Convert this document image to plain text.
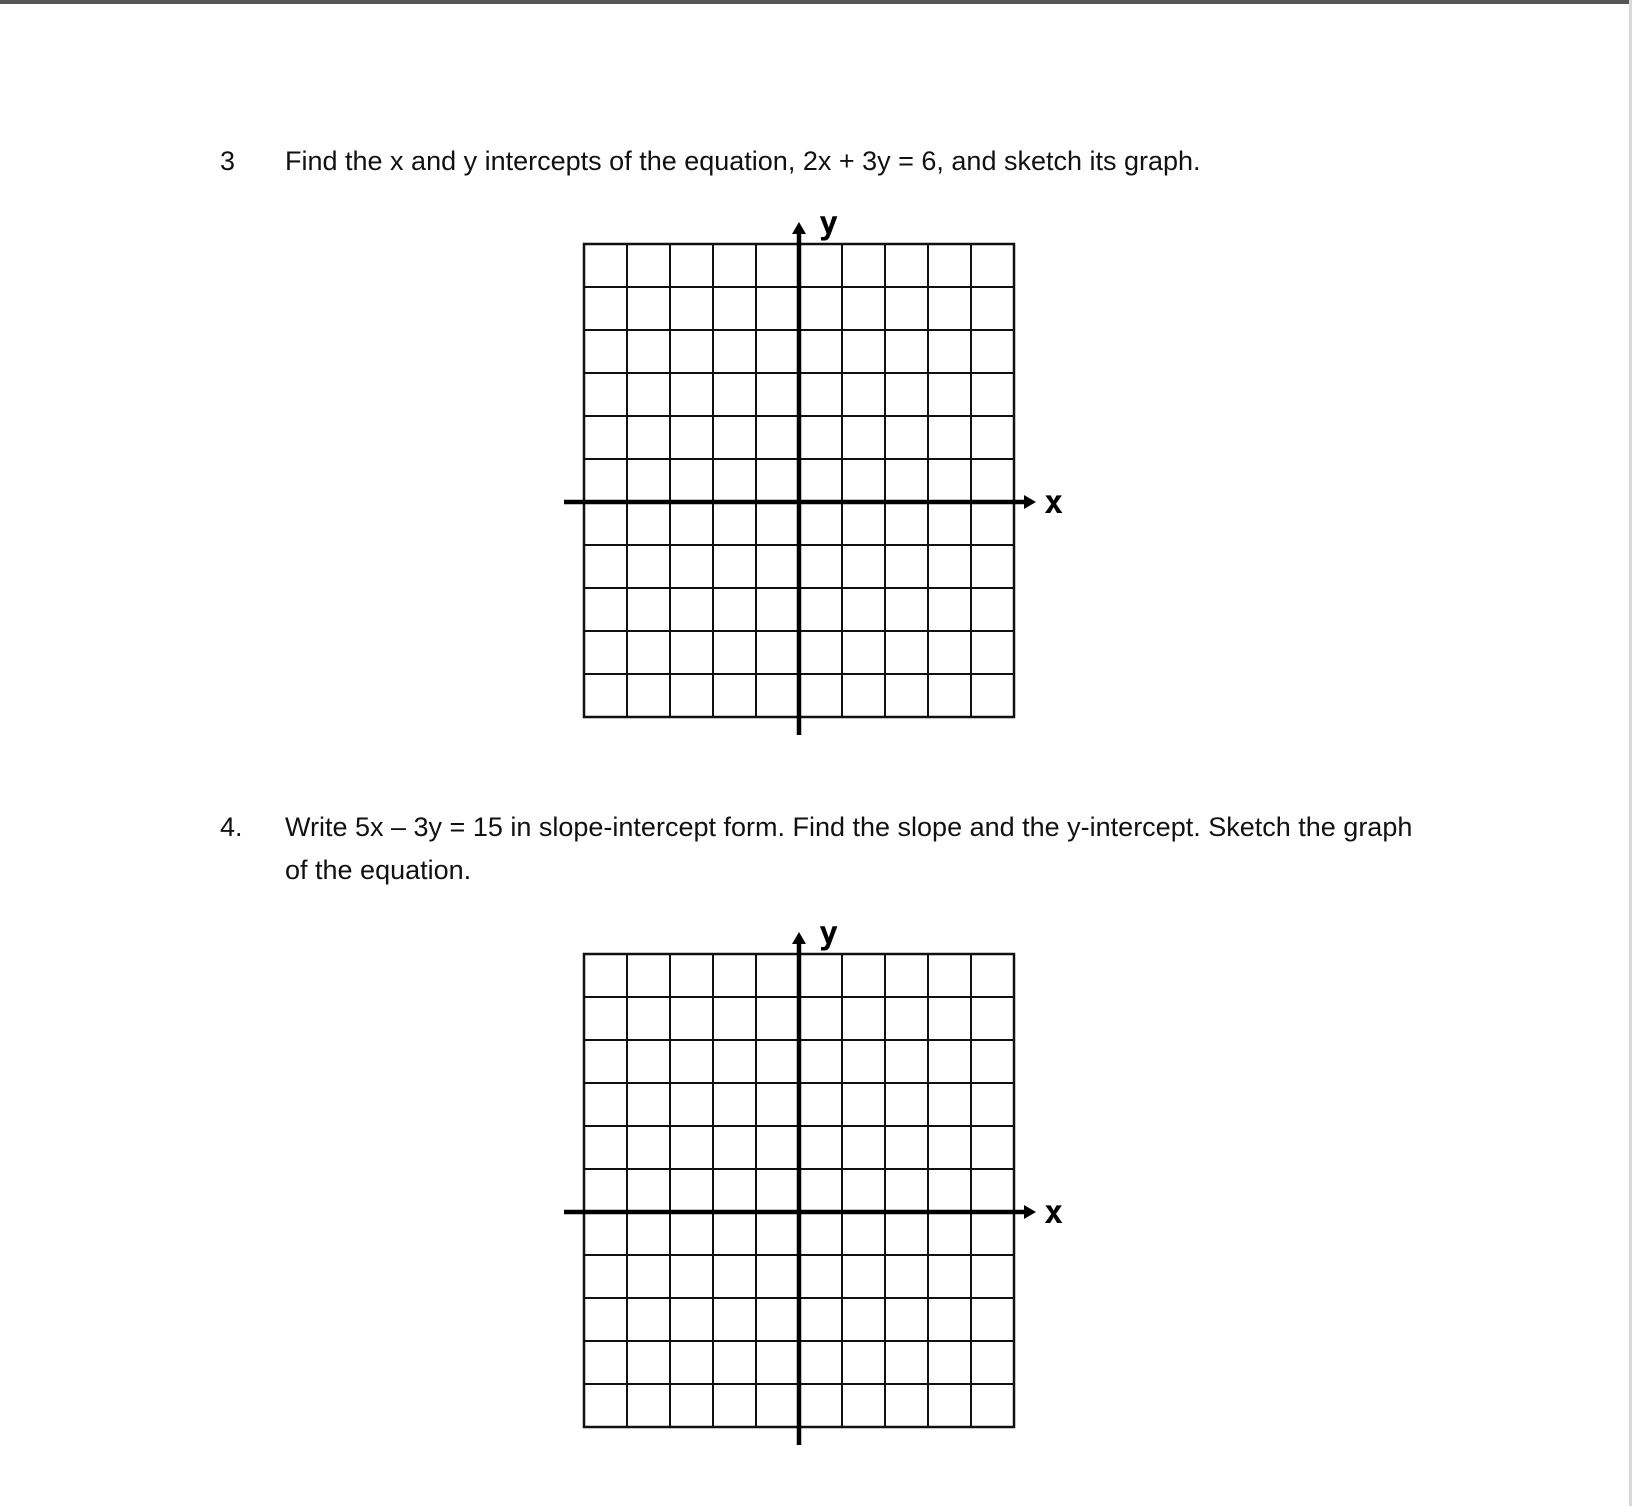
3 Find the x and y intercepts of the equation, 2x + 3y = 6, and sketch its graph.
x
y
4. Write 5x – 3y = 15 in slope-intercept form. Find the slope and the y-intercept. Sketch the graph of the equation.
x
y
